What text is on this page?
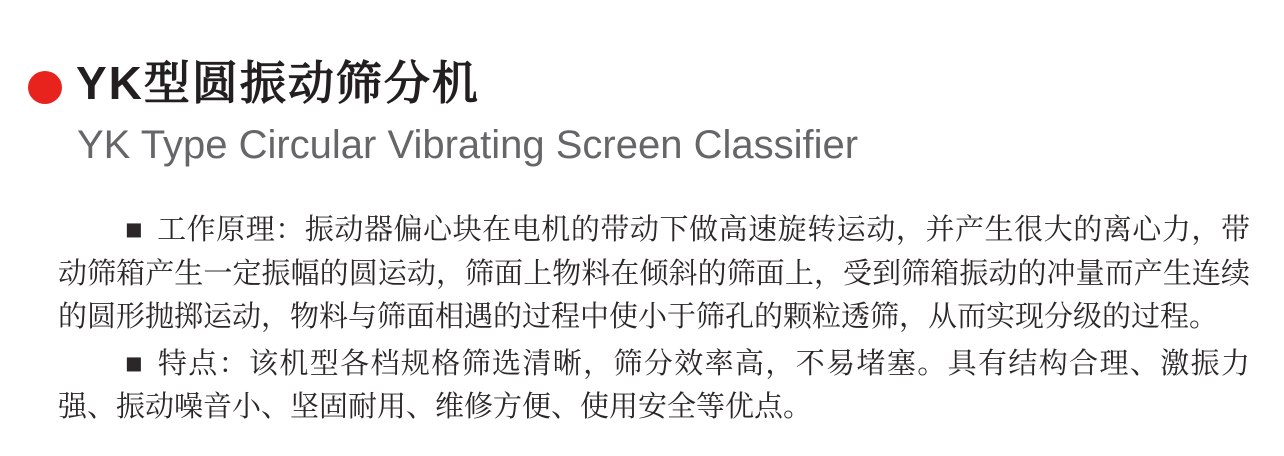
YK型圆振动筛分机
YK Type Circular Vibrating Screen Classifier

■ 工作原理：振动器偏心块在电机的带动下做高速旋转运动，并产生很大的离心力，带动筛箱产生一定振幅的圆运动，筛面上物料在倾斜的筛面上，受到筛箱振动的冲量而产生连续的圆形抛掷运动，物料与筛面相遇的过程中使小于筛孔的颗粒透筛，从而实现分级的过程。

■ 特点：该机型各档规格筛选清晰，筛分效率高，不易堵塞。具有结构合理、激振力强、振动噪音小、坚固耐用、维修方便、使用安全等优点。
